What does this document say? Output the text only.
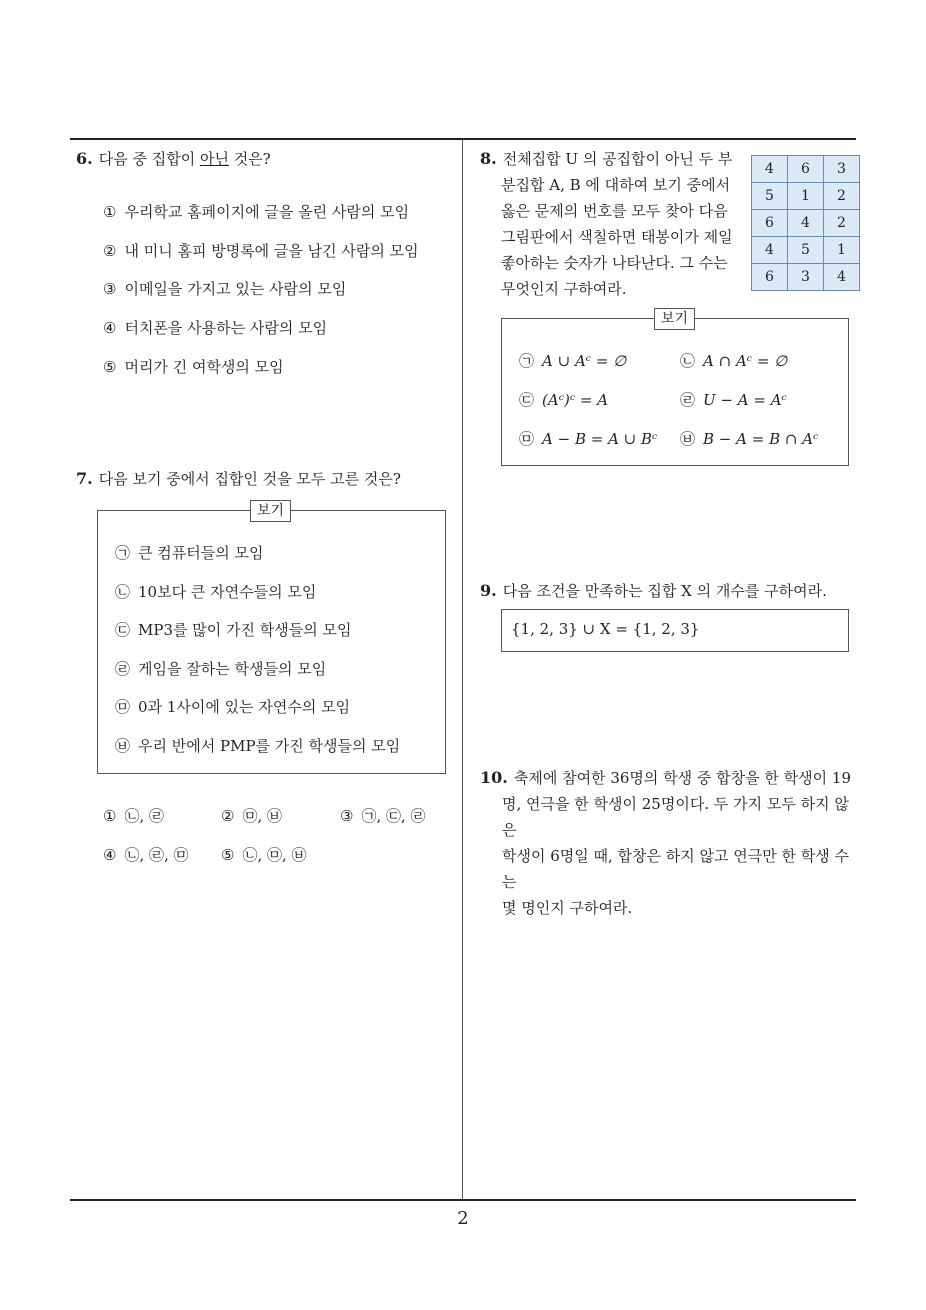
6. 다음 중 집합이 아닌 것은?
① 우리학교 홈페이지에 글을 올린 사람의 모임
② 내 미니 홈피 방명록에 글을 남긴 사람의 모임
③ 이메일을 가지고 있는 사람의 모임
④ 터치폰을 사용하는 사람의 모임
⑤ 머리가 긴 여학생의 모임
7. 다음 보기 중에서 집합인 것을 모두 고른 것은?
보기
㉠ 큰 컴퓨터들의 모임
㉡ 10보다 큰 자연수들의 모임
㉢ MP3를 많이 가진 학생들의 모임
㉣ 게임을 잘하는 학생들의 모임
㉤ 0과 1사이에 있는 자연수의 모임
㉥ 우리 반에서 PMP를 가진 학생들의 모임
① ㉡, ㉣	② ㉤, ㉥	③ ㉠, ㉢, ㉣
④ ㉡, ㉣, ㉤ ⑤ ㉡, ㉤, ㉥
8. 전체집합 U 의 공집합이 아닌 두 부
분집합 A, B 에 대하여 보기 중에서
옳은 문제의 번호를 모두 찾아 다음
그림판에서 색칠하면 태봉이가 제일
좋아하는 숫자가 나타난다. 그 수는
무엇인지 구하여라.
4	6	3
5	1	2
6	4	2
4	5	1
6	3	4
보기
㉠ A ∪ Aᶜ = ∅	㉡ A ∩ Aᶜ = ∅
㉢ (Aᶜ)ᶜ = A	㉣ U − A = Aᶜ
㉤ A − B = A ∪ Bᶜ ㉥ B − A = B ∩ Aᶜ
9. 다음 조건을 만족하는 집합 X 의 개수를 구하여라.
{1, 2, 3} ∪ X = {1, 2, 3}
10. 축제에 참여한 36명의 학생 중 합창을 한 학생이 19
명, 연극을 한 학생이 25명이다. 두 가지 모두 하지 않은
학생이 6명일 때, 합창은 하지 않고 연극만 한 학생 수는
몇 명인지 구하여라.
2
